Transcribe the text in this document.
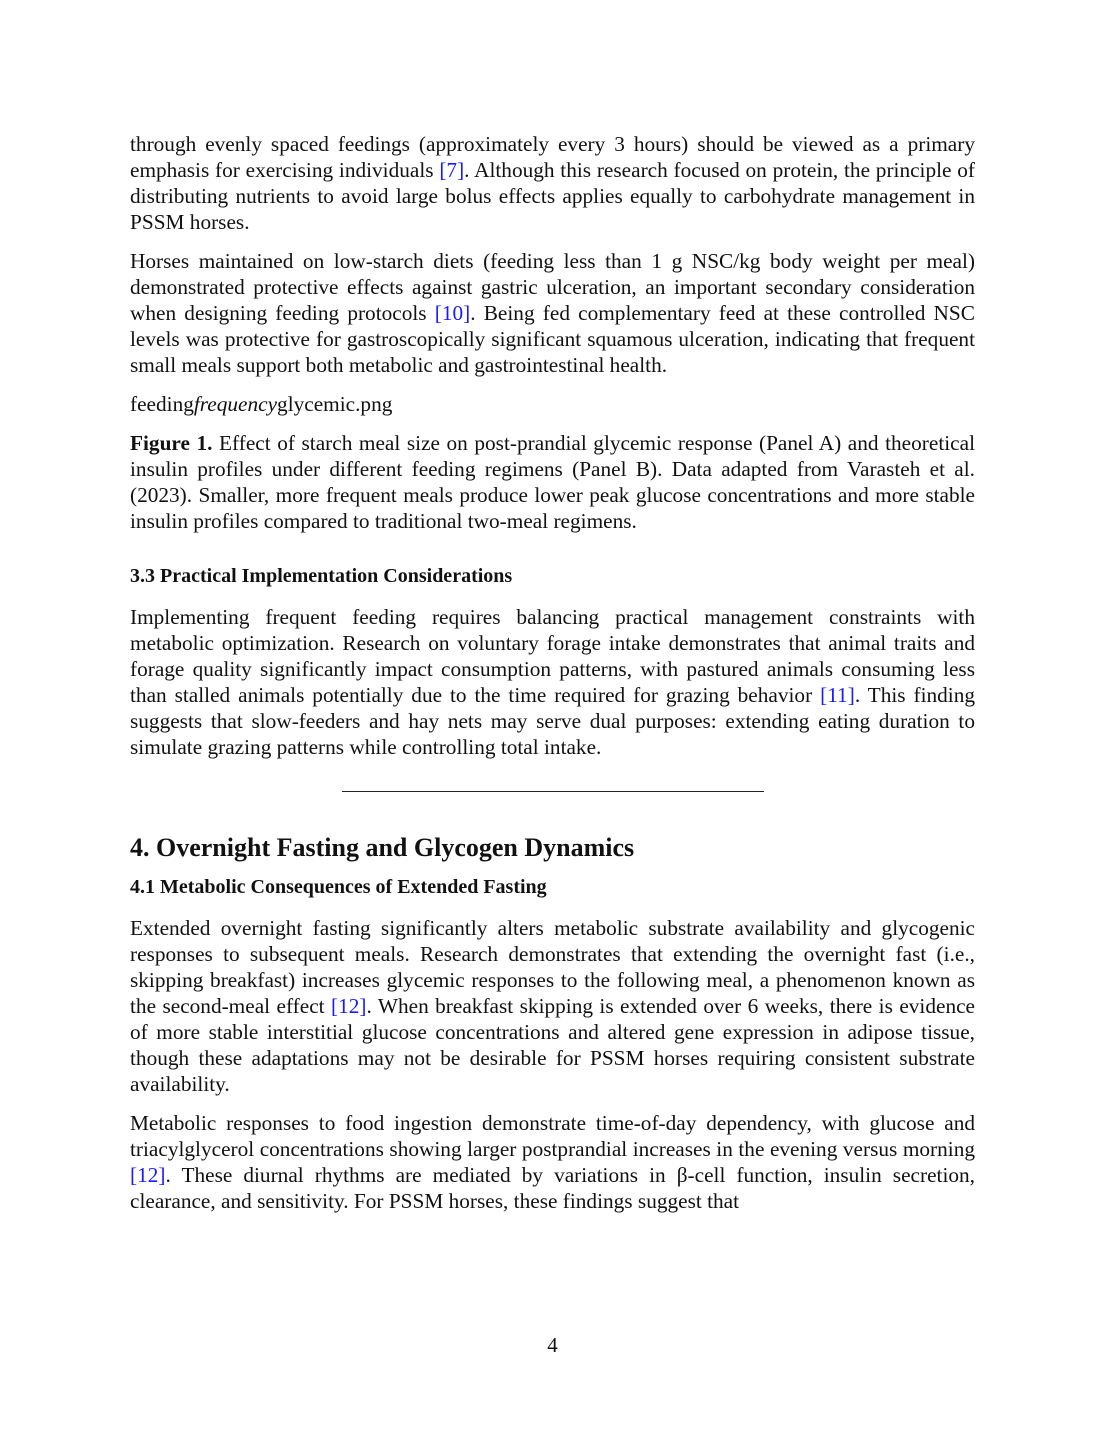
through evenly spaced feedings (approximately every 3 hours) should be viewed as a primary emphasis for exercising individuals [7]. Although this research focused on protein, the principle of distributing nutrients to avoid large bolus effects applies equally to carbohydrate management in PSSM horses.

Horses maintained on low-starch diets (feeding less than 1 g NSC/kg body weight per meal) demonstrated protective effects against gastric ulceration, an important secondary consideration when designing feeding protocols [10]. Being fed complementary feed at these controlled NSC levels was protective for gastroscopically significant squamous ulceration, indicating that frequent small meals support both metabolic and gastrointestinal health.

feedingfrequencyglycemic.png

Figure 1. Effect of starch meal size on post-prandial glycemic response (Panel A) and theoretical insulin profiles under different feeding regimens (Panel B). Data adapted from Varasteh et al. (2023). Smaller, more frequent meals produce lower peak glucose concentrations and more stable insulin profiles compared to traditional two-meal regimens.

3.3 Practical Implementation Considerations

Implementing frequent feeding requires balancing practical management constraints with metabolic optimization. Research on voluntary forage intake demonstrates that animal traits and forage quality significantly impact consumption patterns, with pastured animals consuming less than stalled animals potentially due to the time required for grazing behavior [11]. This finding suggests that slow-feeders and hay nets may serve dual purposes: extending eating duration to simulate grazing patterns while controlling total intake.

4. Overnight Fasting and Glycogen Dynamics
4.1 Metabolic Consequences of Extended Fasting

Extended overnight fasting significantly alters metabolic substrate availability and glycogenic responses to subsequent meals. Research demonstrates that extending the overnight fast (i.e., skipping breakfast) increases glycemic responses to the following meal, a phenomenon known as the second-meal effect [12]. When breakfast skipping is extended over 6 weeks, there is evidence of more stable interstitial glucose concentrations and altered gene expression in adipose tissue, though these adaptations may not be desirable for PSSM horses requiring consistent substrate availability.

Metabolic responses to food ingestion demonstrate time-of-day dependency, with glucose and triacylglycerol concentrations showing larger postprandial increases in the evening versus morning [12]. These diurnal rhythms are mediated by variations in β-cell function, insulin secretion, clearance, and sensitivity. For PSSM horses, these findings suggest that

4
